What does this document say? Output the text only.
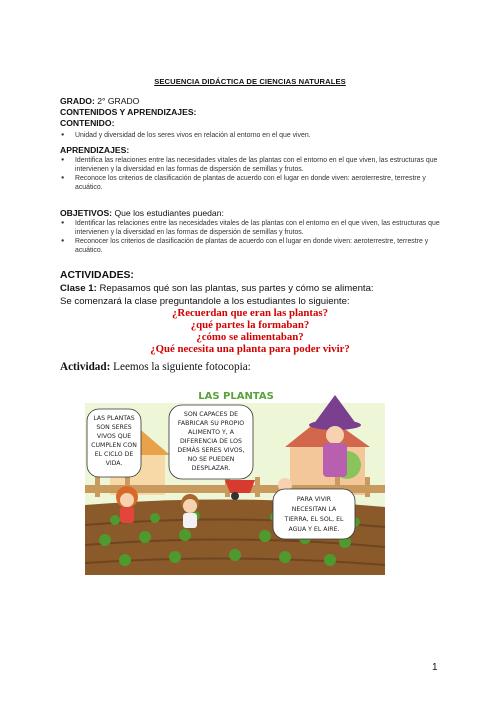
SECUENCIA DIDÁCTICA DE CIENCIAS NATURALES
GRADO: 2° GRADO
CONTENIDOS Y APRENDIZAJES:
CONTENIDO:
● Unidad y diversidad de los seres vivos en relación al entorno en el que viven.
APRENDIZAJES:
● Identifica las relaciones entre las necesidades vitales de las plantas con el entorno en el que viven, las estructuras que intervienen y la diversidad en las formas de dispersión de semillas y frutos.
● Reconoce los criterios de clasificación de plantas de acuerdo con el lugar en donde viven: aeroterrestre, terrestre y acuático.
OBJETIVOS: Que los estudiantes puedan:
● Identificar las relaciones entre las necesidades vitales de las plantas con el entorno en el que viven, las estructuras que intervienen y la diversidad en las formas de dispersión de semillas y frutos.
● Reconocer los criterios de clasificación de plantas de acuerdo con el lugar en donde viven: aeroterrestre, terrestre y acuático.
ACTIVIDADES:
Clase 1: Repasamos qué son las plantas, sus partes y cómo se alimenta:
Se comenzará la clase preguntandole a los estudiantes lo siguiente:
¿Recuerdan que eran las plantas?
¿qué partes la formaban?
¿cómo se alimentaban?
¿Qué necesita una planta para poder vivir?
Actividad: Leemos la siguiente fotocopia:
LAS PLANTAS
LAS PLANTAS
SON SERES
VIVOS QUE
CUMPLEN CON
EL CICLO DE
VIDA.
SON CAPACES DE
FABRICAR SU PROPIO
ALIMENTO Y, A
DIFERENCIA DE LOS
DEMÁS SERES VIVOS,
NO SE PUEDEN
DESPLAZAR.
PARA VIVIR
NECESITAN LA
TIERRA, EL SOL, EL
AGUA Y EL AIRE.
1
